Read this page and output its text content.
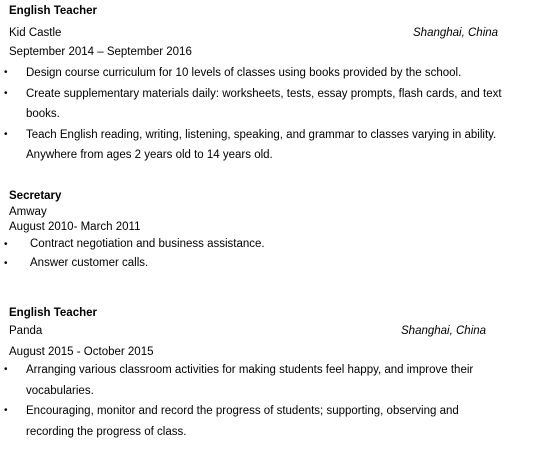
English Teacher
Kid Castle	Shanghai, China
September 2014 – September 2016
•	Design course curriculum for 10 levels of classes using books provided by the school.
•	Create supplementary materials daily: worksheets, tests, essay prompts, flash cards, and text
books.
•	Teach English reading, writing, listening, speaking, and grammar to classes varying in ability.
Anywhere from ages 2 years old to 14 years old.
Secretary
Amway
August 2010- March 2011
•	Contract negotiation and business assistance.
•	Answer customer calls.
English Teacher
Panda	Shanghai, China
August 2015 - October 2015
•	Arranging various classroom activities for making students feel happy, and improve their
vocabularies.
•	Encouraging, monitor and record the progress of students; supporting, observing and
recording the progress of class.
